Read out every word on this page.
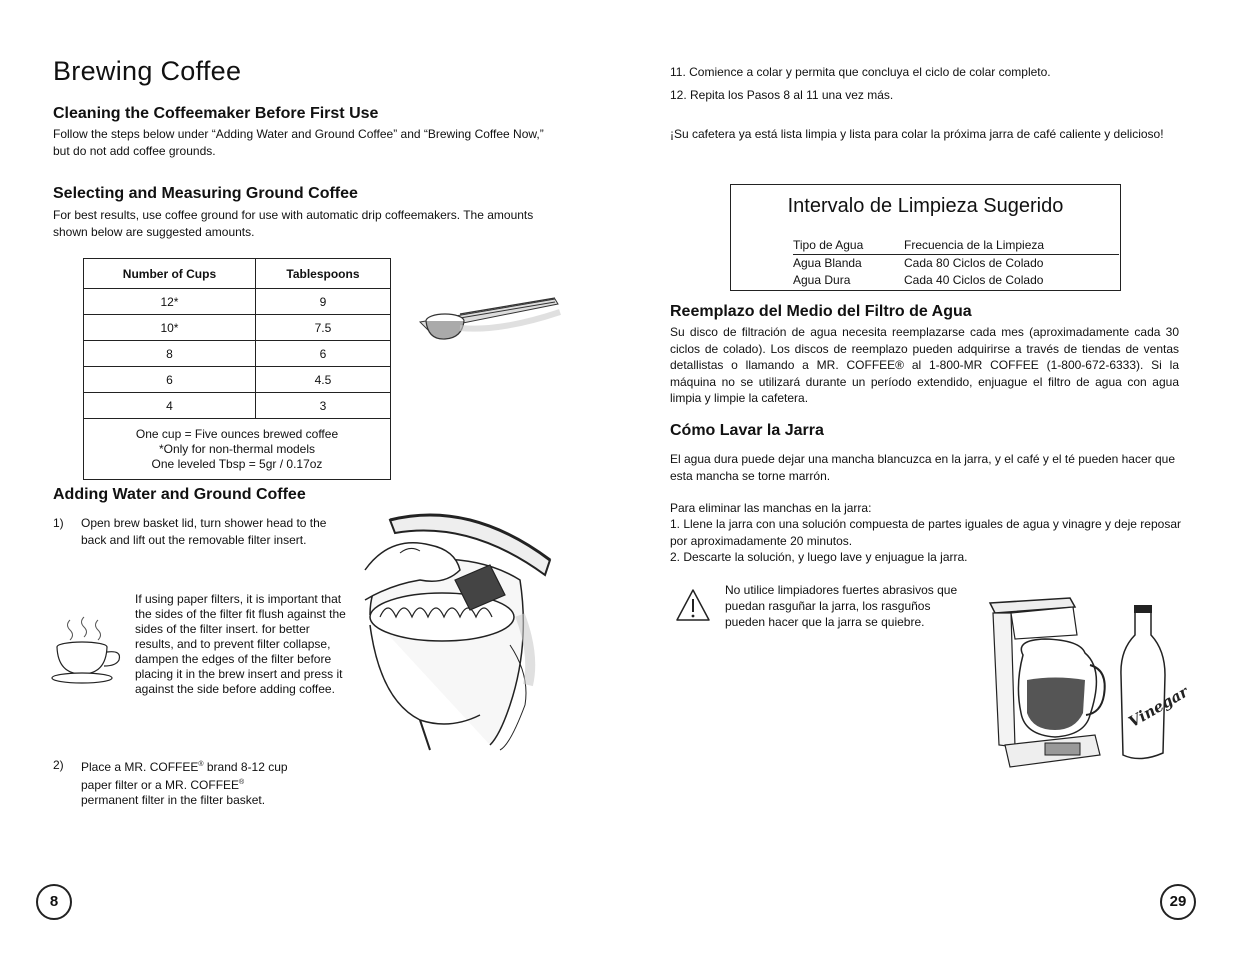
Brewing Coffee
Cleaning the Coffeemaker Before First Use

Follow the steps below under “Adding Water and Ground Coffee” and “Brewing Coffee Now,” but do not add coffee grounds.

Selecting and Measuring Ground Coffee

For best results, use coffee ground for use with automatic drip coffeemakers. The amounts shown below are suggested amounts.

Number of Cups	Tablespoons
12*	9
10*	7.5
8	6
6	4.5
4	3

One cup = Five ounces brewed coffee
*Only for non-thermal models
One leveled Tbsp = 5gr / 0.17oz	
Adding Water and Ground Coffee
1) Open brew basket lid, turn shower head to the back and lift out the removable filter insert.

If using paper filters, it is important that the sides of the filter fit flush against the sides of the filter insert. for better results, and to prevent filter collapse, dampen the edges of the filter before placing it in the brew insert and press it against the side before adding coffee.

2) Place a MR. COFFEE® brand 8-12 cup
paper filter or a MR. COFFEE®
permanent filter in the filter basket.

8

11. Comience a colar y permita que concluya el ciclo de colar completo.

12. Repita los Pasos 8 al 11 una vez más.

¡Su cafetera ya está lista limpia y lista para colar la próxima jarra de café caliente y delicioso!

Intervalo de Limpieza Sugerido
Tipo de Agua	Frecuencia de la Limpieza
Agua Blanda	Cada 80 Ciclos de Colado
Agua Dura	Cada 40 Ciclos de Colado
Reemplazo del Medio del Filtro de Agua

Su disco de filtración de agua necesita reemplazarse cada mes (aproximadamente cada 30 ciclos de colado). Los discos de reemplazo pueden adquirirse a través de tiendas de ventas detallistas o llamando a MR. COFFEE® al 1-800-MR COFFEE (1-800-672-6333). Si la máquina no se utilizará durante un período extendido, enjuague el filtro de agua con agua limpia y limpie la cafetera.

Cómo Lavar la Jarra

El agua dura puede dejar una mancha blancuzca en la jarra, y el café y el té pueden hacer que esta mancha se torne marrón.

Para eliminar las manchas en la jarra:

1. Llene la jarra con una solución compuesta de partes iguales de agua y vinagre y deje reposar por aproximadamente 20 minutos.

2. Descarte la solución, y luego lave y enjuague la jarra.

No utilice limpiadores fuertes abrasivos que puedan rasguñar la jarra, los rasguños pueden hacer que la jarra se quiebre.

Vinegar
29
